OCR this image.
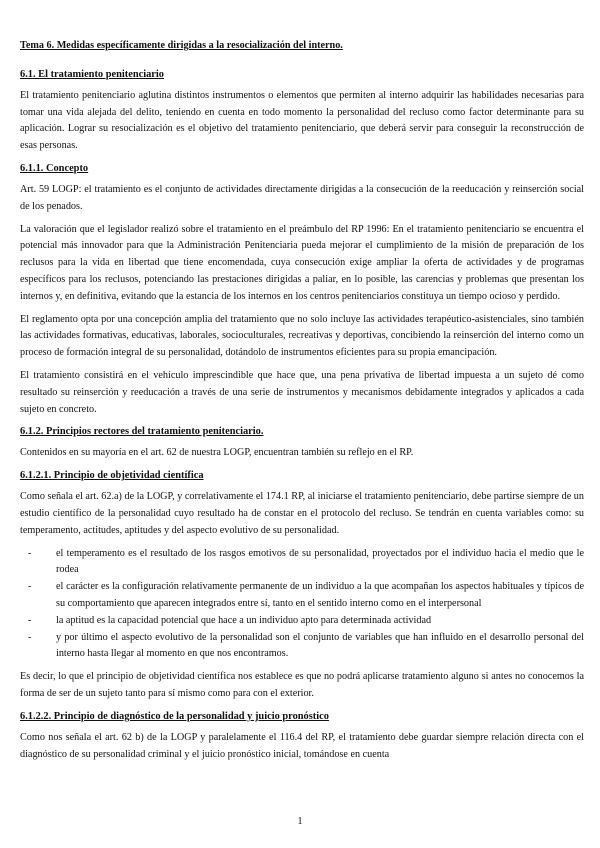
Tema 6. Medidas específicamente dirigidas a la resocialización del interno.
6.1. El tratamiento penitenciario

El tratamiento penitenciario aglutina distintos instrumentos o elementos que permiten al interno adquirir las habilidades necesarias para tomar una vida alejada del delito, teniendo en cuenta en todo momento la personalidad del recluso como factor determinante para su aplicación. Lograr su resocialización es el objetivo del tratamiento penitenciario, que deberá servir para conseguir la reconstrucción de esas personas.

6.1.1. Concepto

Art. 59 LOGP: el tratamiento es el conjunto de actividades directamente dirigidas a la consecución de la reeducación y reinserción social de los penados.

La valoración que el legislador realizó sobre el tratamiento en el preámbulo del RP 1996: En el tratamiento penitenciario se encuentra el potencial más innovador para que la Administración Penitenciaria pueda mejorar el cumplimiento de la misión de preparación de los reclusos para la vida en libertad que tiene encomendada, cuya consecución exige ampliar la oferta de actividades y de programas específicos para los reclusos, potenciando las prestaciones dirigidas a paliar, en lo posible, las carencias y problemas que presentan los internos y, en definitiva, evitando que la estancia de los internos en los centros penitenciarios constituya un tiempo ocioso y perdido.

El reglamento opta por una concepción amplia del tratamiento que no solo incluye las actividades terapéutico-asistenciales, sino también las actividades formativas, educativas, laborales, socioculturales, recreativas y deportivas, concibiendo la reinserción del interno como un proceso de formación integral de su personalidad, dotándolo de instrumentos eficientes para su propia emancipación.

El tratamiento consistirá en el vehículo imprescindible que hace que, una pena privativa de libertad impuesta a un sujeto dé como resultado su reinserción y reeducación a través de una serie de instrumentos y mecanismos debidamente integrados y aplicados a cada sujeto en concreto.

6.1.2. Principios rectores del tratamiento penitenciario.

Contenidos en su mayoría en el art. 62 de nuestra LOGP, encuentran también su reflejo en el RP.

6.1.2.1. Principio de objetividad científica

Como señala el art. 62.a) de la LOGP, y correlativamente el 174.1 RP, al iniciarse el tratamiento penitenciario, debe partirse siempre de un estudio científico de la personalidad cuyo resultado ha de constar en el protocolo del recluso. Se tendrán en cuenta variables como: su temperamento, actitudes, aptitudes y del aspecto evolutivo de su personalidad.

- el temperamento es el resultado de los rasgos emotivos de su personalidad, proyectados por el individuo hacia el medio que le rodea
- el carácter es la configuración relativamente permanente de un individuo a la que acompañan los aspectos habituales y típicos de su comportamiento que aparecen integrados entre sí, tanto en el sentido interno como en el interpersonal
- la aptitud es la capacidad potencial que hace a un individuo apto para determinada actividad
- y por último el aspecto evolutivo de la personalidad son el conjunto de variables que han influido en el desarrollo personal del interno hasta llegar al momento en que nos encontramos.

Es decir, lo que el principio de objetividad científica nos establece es que no podrá aplicarse tratamiento alguno si antes no conocemos la forma de ser de un sujeto tanto para sí mismo como para con el exterior.

6.1.2.2. Principio de diagnóstico de la personalidad y juicio pronóstico

Como nos señala el art. 62 b) de la LOGP y paralelamente el 116.4 del RP, el tratamiento debe guardar siempre relación directa con el diagnóstico de su personalidad criminal y el juicio pronóstico inicial, tomándose en cuenta

1
